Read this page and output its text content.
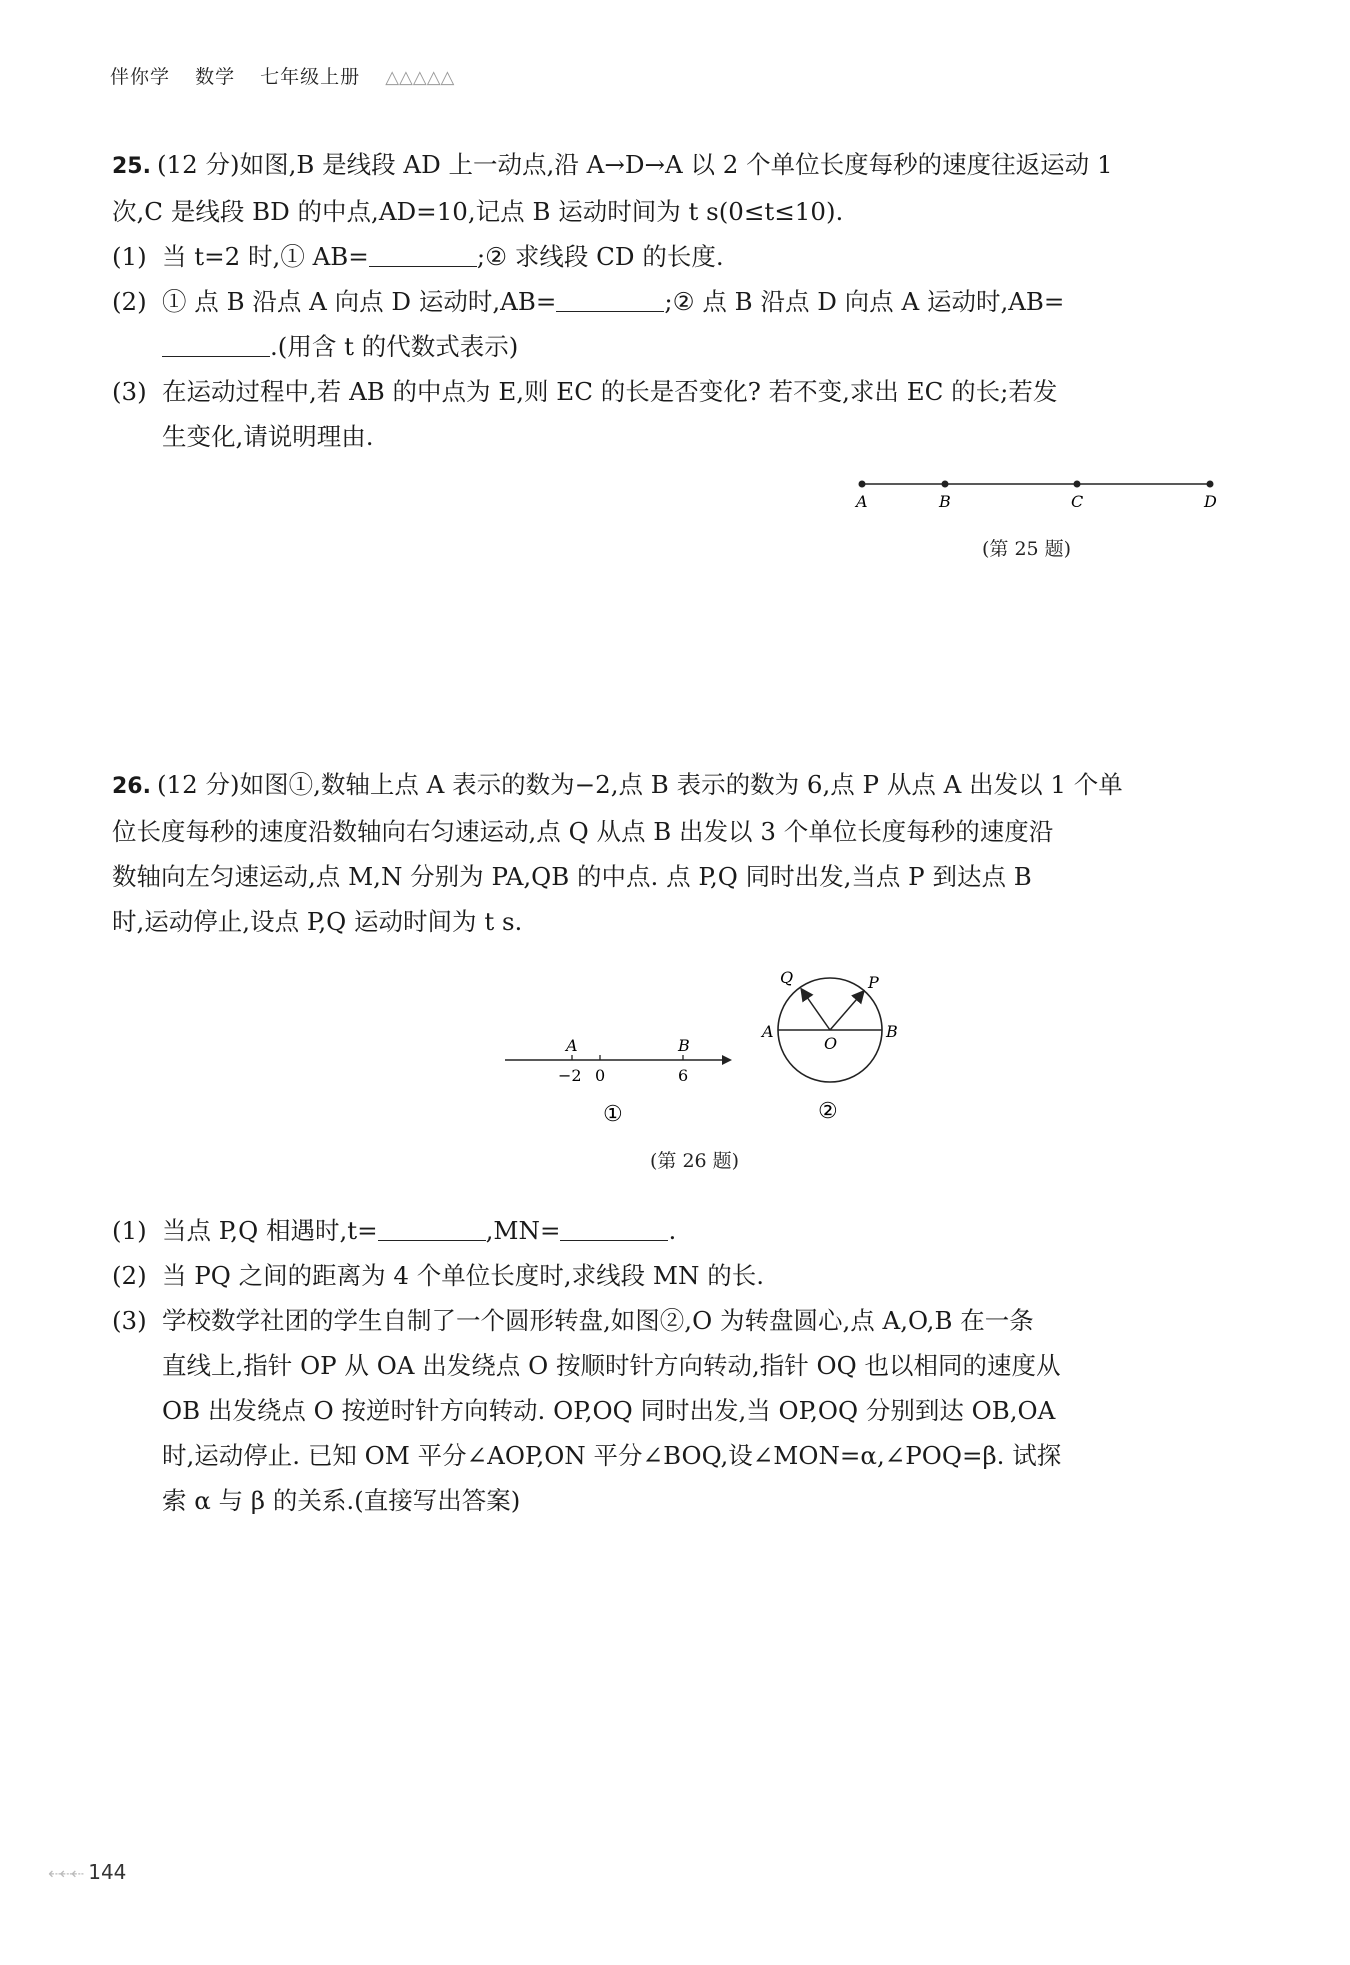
伴你学 数学 七年级上册 △△△△△
25. (12 分)如图,B 是线段 AD 上一动点,沿 A→D→A 以 2 个单位长度每秒的速度往返运动 1
次,C 是线段 BD 的中点,AD=10,记点 B 运动时间为 t s(0≤t≤10).
(1) 当 t=2 时,① AB=	;② 求线段 CD 的长度.
(2) ① 点 B 沿点 A 向点 D 运动时,AB=	;② 点 B 沿点 D 向点 A 运动时,AB=
.(用含 t 的代数式表示)
(3) 在运动过程中,若 AB 的中点为 E,则 EC 的长是否变化? 若不变,求出 EC 的长;若发
生变化,请说明理由.
A	B	C	D
(第 25 题)
26. (12 分)如图①,数轴上点 A 表示的数为−2,点 B 表示的数为 6,点 P 从点 A 出发以 1 个单
位长度每秒的速度沿数轴向右匀速运动,点 Q 从点 B 出发以 3 个单位长度每秒的速度沿
数轴向左匀速运动,点 M,N 分别为 PA,QB 的中点. 点 P,Q 同时出发,当点 P 到达点 B
时,运动停止,设点 P,Q 运动时间为 t s.
A	B
−2 0	6
①
Q	P
A
O
B
②
(第 26 题)
(1) 当点 P,Q 相遇时,t=	,MN=	.
(2) 当 PQ 之间的距离为 4 个单位长度时,求线段 MN 的长.
(3) 学校数学社团的学生自制了一个圆形转盘,如图②,O 为转盘圆心,点 A,O,B 在一条
直线上,指针 OP 从 OA 出发绕点 O 按顺时针方向转动,指针 OQ 也以相同的速度从
OB 出发绕点 O 按逆时针方向转动. OP,OQ 同时出发,当 OP,OQ 分别到达 OB,OA
时,运动停止. 已知 OM 平分∠AOP,ON 平分∠BOQ,设∠MON=α,∠POQ=β. 试探
索 α 与 β 的关系.(直接写出答案)
⇠⇠⇠ 144
